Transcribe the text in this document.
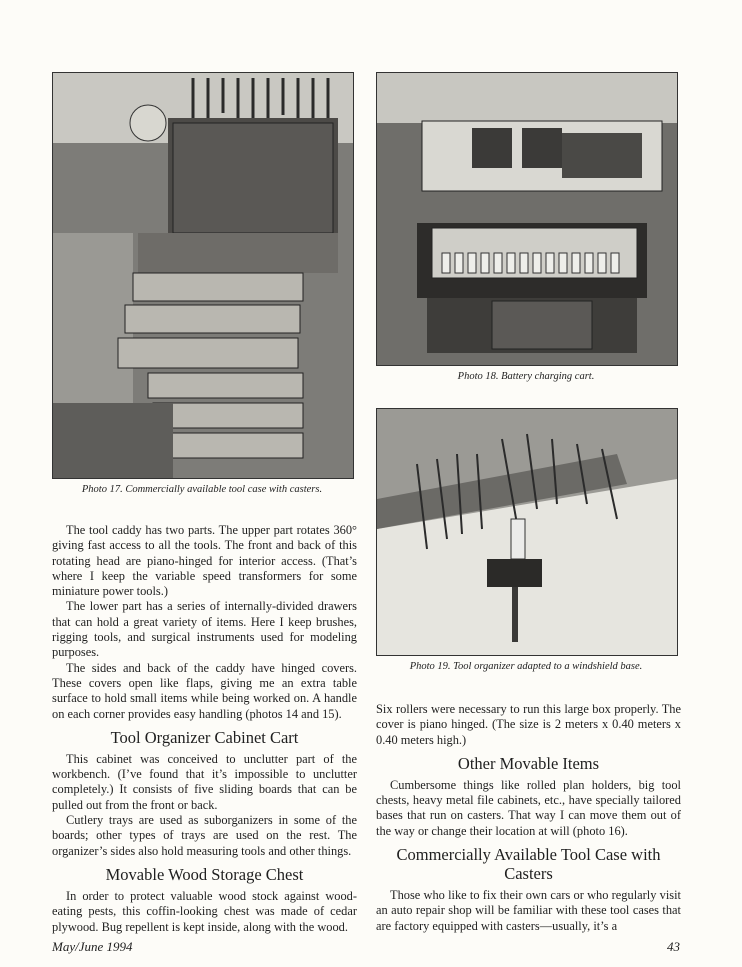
Photo 17. Commercially available tool case with casters.
Photo 18. Battery charging cart.
Photo 19. Tool organizer adapted to a windshield base.

The tool caddy has two parts. The upper part rotates 360° giving fast access to all the tools. The front and back of this rotating head are piano-hinged for interior access. (That’s where I keep the variable speed transformers for some miniature power tools.)

The lower part has a series of internally-divided drawers that can hold a great variety of items. Here I keep brushes, rigging tools, and surgical instruments used for modeling purposes.

The sides and back of the caddy have hinged covers. These covers open like flaps, giving me an extra table surface to hold small items while being worked on. A handle on each corner provides easy handling (photos 14 and 15).

Tool Organizer Cabinet Cart

This cabinet was conceived to unclutter part of the workbench. (I’ve found that it’s impossible to unclutter completely.) It consists of five sliding boards that can be pulled out from the front or back.

Cutlery trays are used as suborganizers in some of the boards; other types of trays are used on the rest. The organizer’s sides also hold measuring tools and other things.

Movable Wood Storage Chest

In order to protect valuable wood stock against wood-eating pests, this coffin-looking chest was made of cedar plywood. Bug repellent is kept inside, along with the wood.

Six rollers were necessary to run this large box properly. The cover is piano hinged. (The size is 2 meters x 0.40 meters x 0.40 meters high.)

Other Movable Items

Cumbersome things like rolled plan holders, big tool chests, heavy metal file cabinets, etc., have specially tailored bases that run on casters. That way I can move them out of the way or change their location at will (photo 16).

Commercially Available Tool Case with Casters

Those who like to fix their own cars or who regularly visit an auto repair shop will be familiar with these tool cases that are factory equipped with casters—usually, it’s a

May/June 1994	43
